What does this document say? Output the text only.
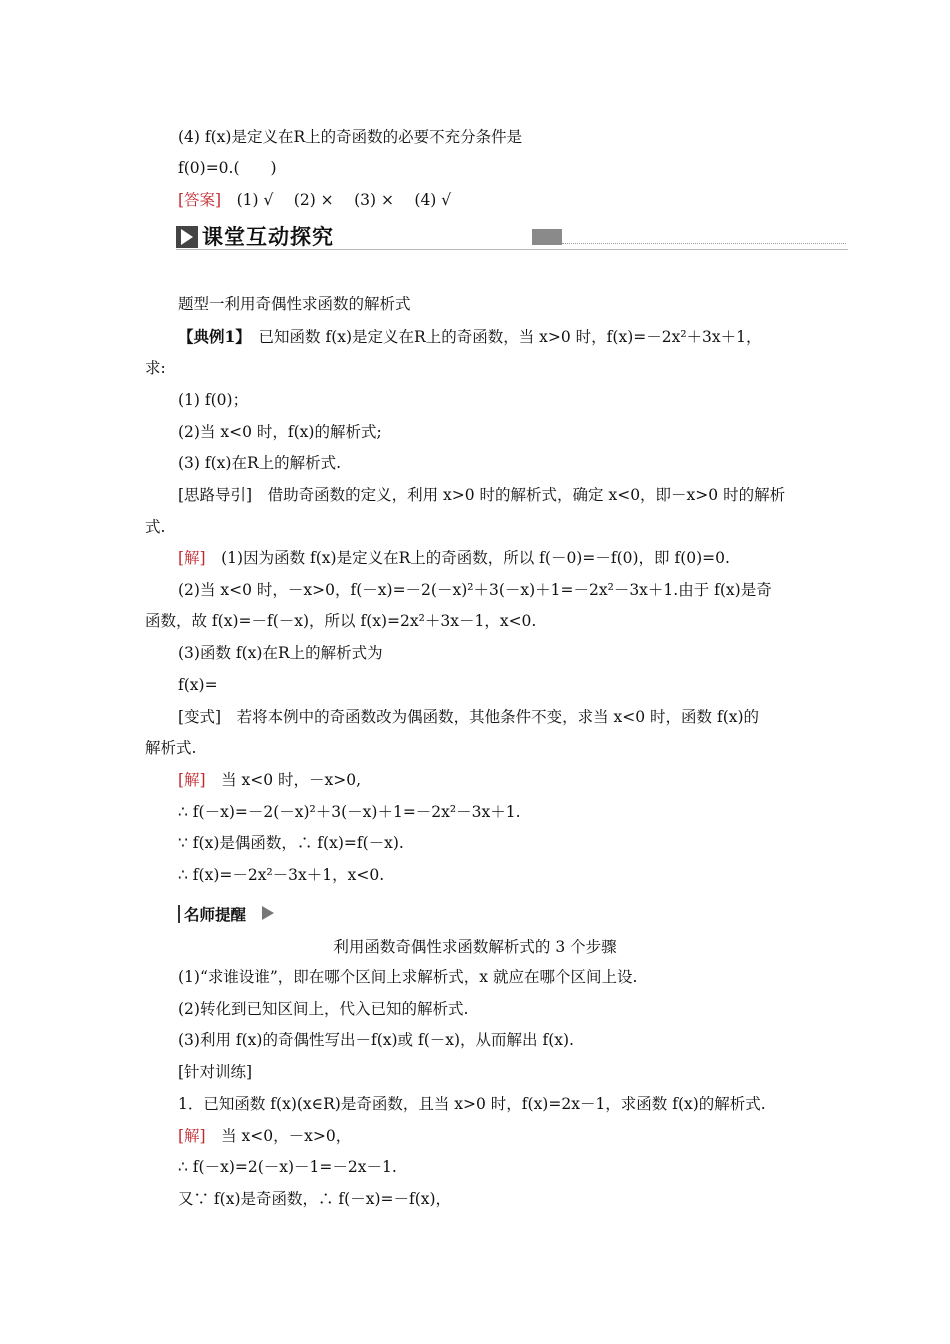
(4) f(x)是定义在R上的奇函数的必要不充分条件是
f(0)=0.(　　)
[答案]　(1) √　 (2) ×　 (3) ×　 (4) √
课堂互动探究
题型一利用奇偶性求函数的解析式
【典例1】　已知函数 f(x)是定义在R上的奇函数，当 x>0 时，f(x)=－2x²＋3x＋1，
求:
(1) f(0)；
(2)当 x<0 时，f(x)的解析式;
(3) f(x)在R上的解析式.
[思路导引]　借助奇函数的定义，利用 x>0 时的解析式，确定 x<0，即－x>0 时的解析
式.
[解]　(1)因为函数 f(x)是定义在R上的奇函数，所以 f(－0)=－f(0)，即 f(0)=0.
(2)当 x<0 时，－x>0，f(－x)=－2(－x)²＋3(－x)＋1=－2x²－3x＋1.由于 f(x)是奇
函数，故 f(x)=－f(－x)，所以 f(x)=2x²＋3x－1，x<0.
(3)函数 f(x)在R上的解析式为
f(x)=
[变式]　若将本例中的奇函数改为偶函数，其他条件不变，求当 x<0 时，函数 f(x)的
解析式.
[解]　当 x<0 时，－x>0,
∴ f(－x)=－2(－x)²＋3(－x)＋1=－2x²－3x＋1.
∵ f(x)是偶函数，∴ f(x)=f(－x).
∴ f(x)=－2x²－3x＋1，x<0.
名师提醒
利用函数奇偶性求函数解析式的 3 个步骤
(1)“求谁设谁”，即在哪个区间上求解析式，x 就应在哪个区间上设.
(2)转化到已知区间上，代入已知的解析式.
(3)利用 f(x)的奇偶性写出－f(x)或 f(－x)，从而解出 f(x).
[针对训练]
1．已知函数 f(x)(x∈R)是奇函数，且当 x>0 时，f(x)=2x－1，求函数 f(x)的解析式.
[解]　当 x<0，－x>0，
∴ f(－x)=2(－x)－1=－2x－1.
又∵ f(x)是奇函数，∴ f(－x)=－f(x)，
